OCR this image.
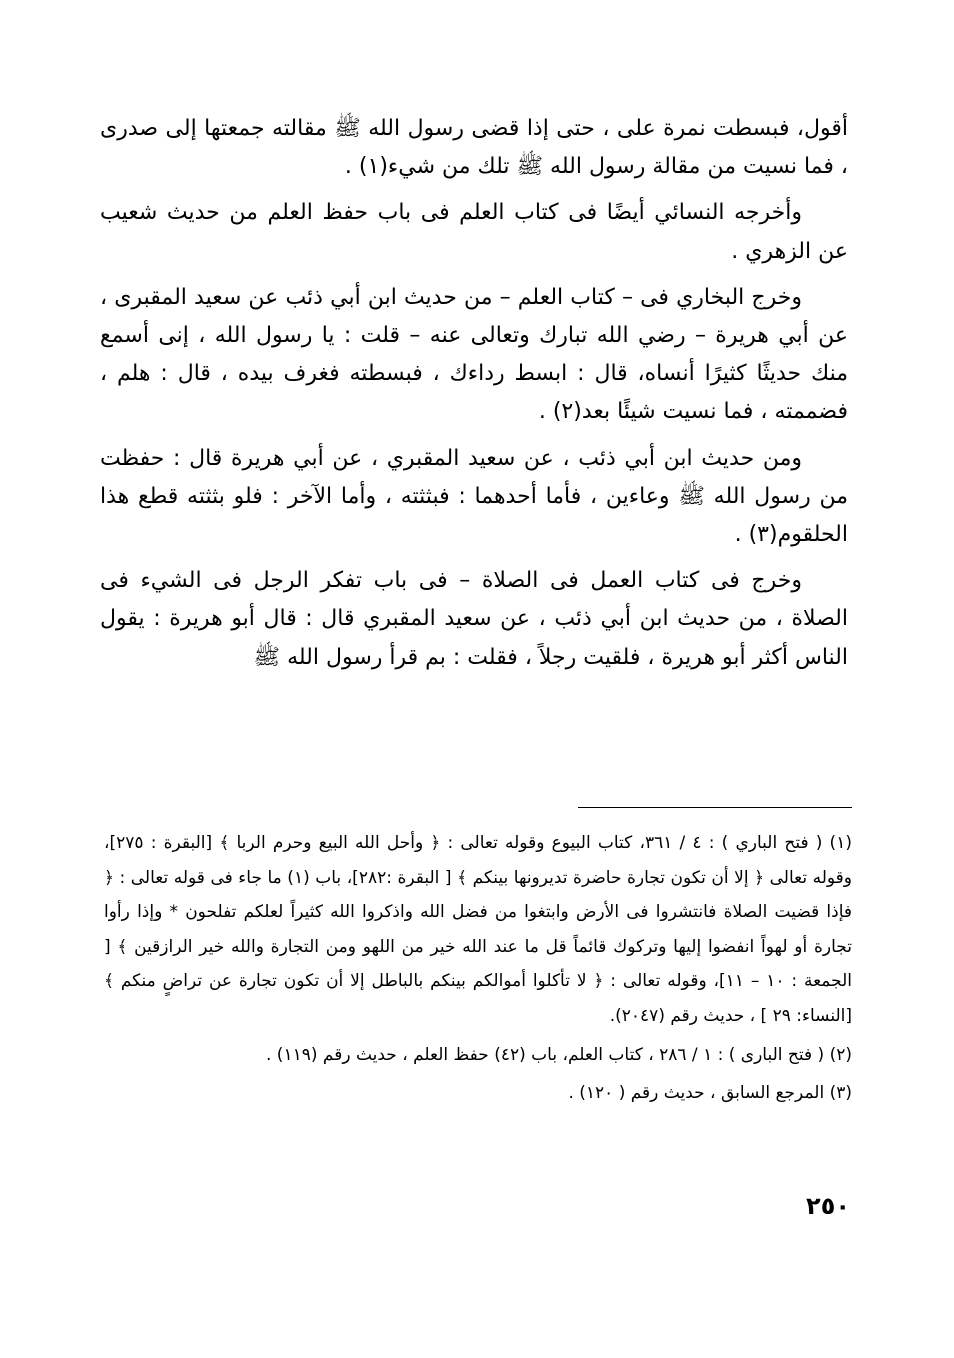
أقول، فبسطت نمرة على ، حتى إذا قضى رسول الله ﷺ مقالته جمعتها إلى صدرى ، فما نسيت من مقالة رسول الله ﷺ تلك من شيء(١) .

وأخرجه النسائي أيضًا فى كتاب العلم فى باب حفظ العلم من حديث شعيب عن الزهري .

وخرج البخاري فى – كتاب العلم – من حديث ابن أبي ذئب عن سعيد المقبرى ، عن أبي هريرة – رضي الله تبارك وتعالى عنه – قلت : يا رسول الله ، إنى أسمع منك حديثًا كثيرًا أنساه، قال : ابسط رداءك ، فبسطته فغرف بيده ، قال : هلم ، فضممته ، فما نسيت شيئًا بعد(٢) .

ومن حديث ابن أبي ذئب ، عن سعيد المقبري ، عن أبي هريرة قال : حفظت من رسول الله ﷺ وعاءين ، فأما أحدهما : فبثثته ، وأما الآخر : فلو بثثته قطع هذا الحلقوم(٣) .

وخرج فى كتاب العمل فى الصلاة – فى باب تفكر الرجل فى الشيء فى الصلاة ، من حديث ابن أبي ذئب ، عن سعيد المقبري قال : قال أبو هريرة : يقول الناس أكثر أبو هريرة ، فلقيت رجلاً ، فقلت : بم قرأ رسول الله ﷺ

(١) ( فتح الباري ) : ٤ / ٣٦١، كتاب البيوع وقوله تعالى : ﴿ وأحل الله البيع وحرم الربا ﴾ [البقرة : ٢٧٥]، وقوله تعالى ﴿ إلا أن تكون تجارة حاضرة تديرونها بينكم ﴾ [ البقرة :٢٨٢]، باب (١) ما جاء فى قوله تعالى : ﴿ فإذا قضيت الصلاة فانتشروا فى الأرض وابتغوا من فضل الله واذكروا الله كثيراً لعلكم تفلحون * وإذا رأوا تجارة أو لهواً انفضوا إليها وتركوك قائماً قل ما عند الله خير من اللهو ومن التجارة والله خير الرازقين ﴾ [ الجمعة : ١٠ – ١١]، وقوله تعالى : ﴿ لا تأكلوا أموالكم بينكم بالباطل إلا أن تكون تجارة عن تراضٍ منكم ﴾ [النساء: ٢٩ ] ، حديث رقم (٢٠٤٧).

(٢) ( فتح البارى ) : ١ / ٢٨٦ ، كتاب العلم، باب (٤٢) حفظ العلم ، حديث رقم (١١٩) .

(٣) المرجع السابق ، حديث رقم ( ١٢٠) .

٢٥٠
